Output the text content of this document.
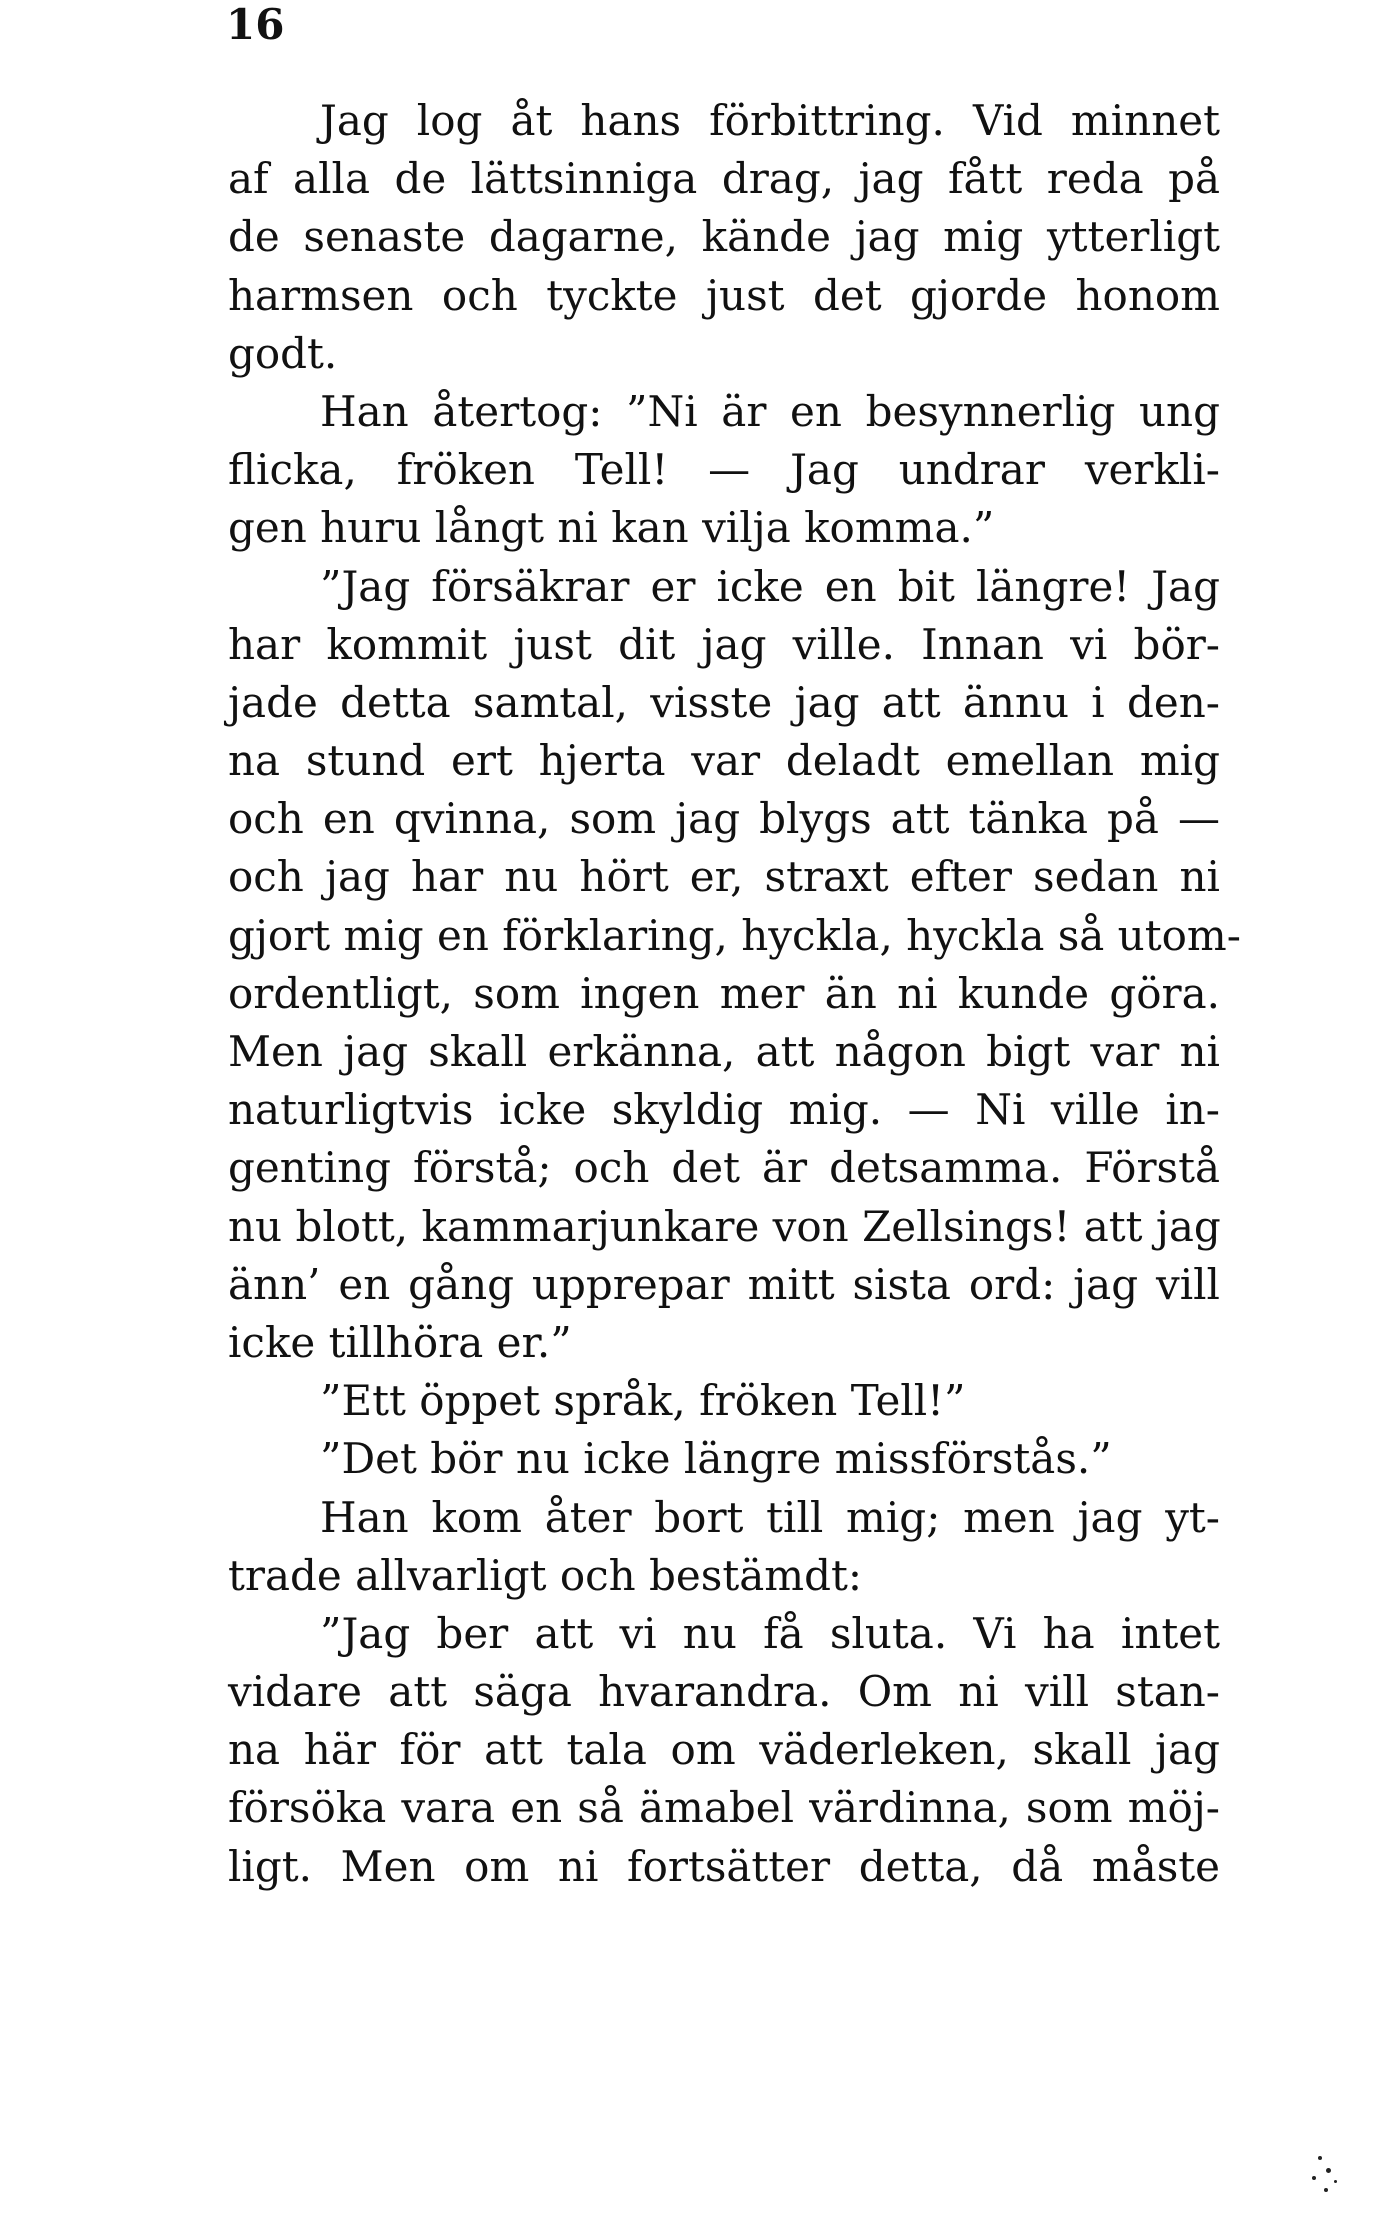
16
Jag log åt hans förbittring. Vid minnet
af alla de lättsinniga drag, jag fått reda på
de senaste dagarne, kände jag mig ytterligt
harmsen och tyckte just det gjorde honom
godt.
Han återtog: ”Ni är en besynnerlig ung
flicka, fröken Tell! — Jag undrar verkli-
gen huru långt ni kan vilja komma.”
”Jag försäkrar er icke en bit längre! Jag
har kommit just dit jag ville. Innan vi bör-
jade detta samtal, visste jag att ännu i den-
na stund ert hjerta var deladt emellan mig
och en qvinna, som jag blygs att tänka på —
och jag har nu hört er, straxt efter sedan ni
gjort mig en förklaring, hyckla, hyckla så utom-
ordentligt, som ingen mer än ni kunde göra.
Men jag skall erkänna, att någon bigt var ni
naturligtvis icke skyldig mig. — Ni ville in-
genting förstå; och det är detsamma. Förstå
nu blott, kammarjunkare von Zellsings! att jag
änn’ en gång upprepar mitt sista ord: jag vill
icke tillhöra er.”
”Ett öppet språk, fröken Tell!”
”Det bör nu icke längre missförstås.”
Han kom åter bort till mig; men jag yt-
trade allvarligt och bestämdt:
”Jag ber att vi nu få sluta. Vi ha intet
vidare att säga hvarandra. Om ni vill stan-
na här för att tala om väderleken, skall jag
försöka vara en så ämabel värdinna, som möj-
ligt. Men om ni fortsätter detta, då måste
